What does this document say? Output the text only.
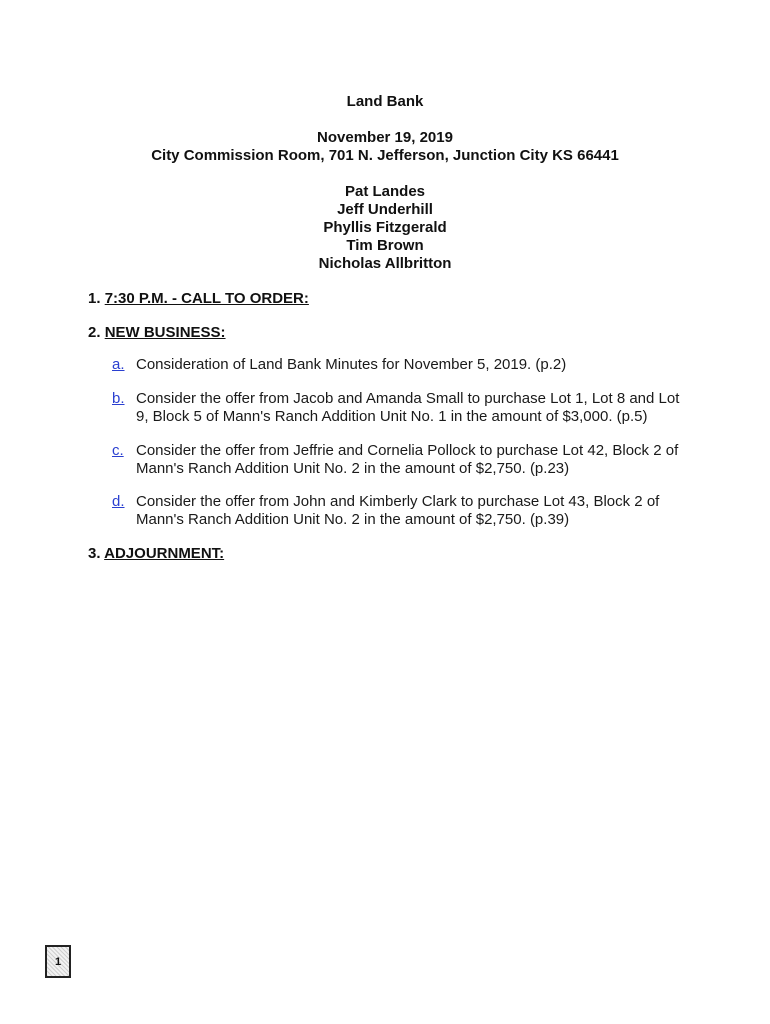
Land Bank
November 19, 2019
City Commission Room, 701 N. Jefferson, Junction City KS 66441
Pat Landes
Jeff Underhill
Phyllis Fitzgerald
Tim Brown
Nicholas Allbritton
1. 7:30 P.M. - CALL TO ORDER:
2. NEW BUSINESS:
a. Consideration of Land Bank Minutes for November 5, 2019. (p.2)
b. Consider the offer from Jacob and Amanda Small to purchase Lot 1, Lot 8 and Lot 9, Block 5 of Mann's Ranch Addition Unit No. 1 in the amount of $3,000. (p.5)
c. Consider the offer from Jeffrie and Cornelia Pollock to purchase Lot 42, Block 2 of Mann's Ranch Addition Unit No. 2 in the amount of $2,750. (p.23)
d. Consider the offer from John and Kimberly Clark to purchase Lot 43, Block 2 of Mann's Ranch Addition Unit No. 2 in the amount of $2,750. (p.39)
3. ADJOURNMENT:
1
